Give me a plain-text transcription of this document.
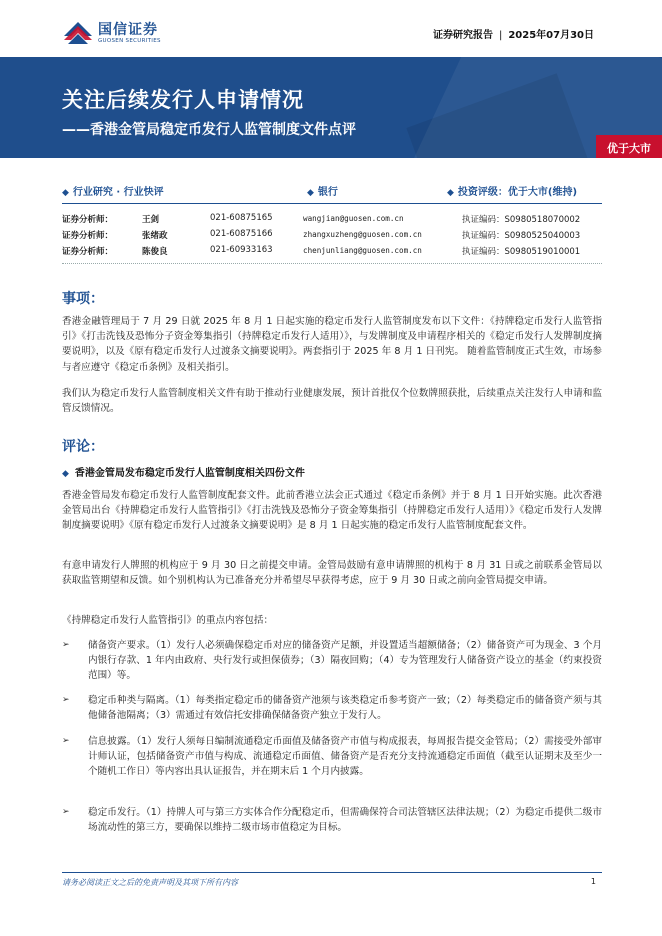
国信证券
GUOSEN SECURITIES	证券研究报告 | 2025年07月30日
关注后续发行人申请情况
——香港金管局稳定币发行人监管制度文件点评
优于大市
◆ 行业研究 · 行业快评	◆ 银行	◆ 投资评级：优于大市(维持)
证券分析师：	王剑	021-60875165	wangjian@guosen.com.cn	执证编码：S0980518070002
证券分析师：	张绪政	021-60875166	zhangxuzheng@guosen.com.cn	执证编码：S0980525040003
证券分析师：	陈俊良	021-60933163	chenjunliang@guosen.com.cn	执证编码：S0980519010001
事项：
香港金融管理局于 7 月 29 日就 2025 年 8 月 1 日起实施的稳定币发行人监管制度发布以下文件：《持牌稳定币发行人监管指引》《打击洗钱及恐怖分子资金筹集指引（持牌稳定币发行人适用）》，与发牌制度及申请程序相关的《稳定币发行人发牌制度摘要说明》，以及《原有稳定币发行人过渡条文摘要说明》。两套指引于 2025 年 8 月 1 日刊宪。 随着监管制度正式生效，市场参与者应遵守《稳定币条例》及相关指引。
我们认为稳定币发行人监管制度相关文件有助于推动行业健康发展，预计首批仅个位数牌照获批，后续重点关注发行人申请和监管反馈情况。
评论：
◆ 香港金管局发布稳定币发行人监管制度相关四份文件
香港金管局发布稳定币发行人监管制度配套文件。此前香港立法会正式通过《稳定币条例》并于 8 月 1 日开始实施。此次香港金管局出台《持牌稳定币发行人监管指引》《打击洗钱及恐怖分子资金筹集指引（持牌稳定币发行人适用）》《稳定币发行人发牌制度摘要说明》《原有稳定币发行人过渡条文摘要说明》是 8 月 1 日起实施的稳定币发行人监管制度配套文件。
有意申请发行人牌照的机构应于 9 月 30 日之前提交申请。金管局鼓励有意申请牌照的机构于 8 月 31 日或之前联系金管局以获取监管期望和反馈。如个别机构认为已准备充分并希望尽早获得考虑，应于 9 月 30 日或之前向金管局提交申请。
《持牌稳定币发行人监管指引》的重点内容包括：
➢	储备资产要求。（1）发行人必须确保稳定币对应的储备资产足额，并设置适当超额储备；（2）储备资产可为现金、3 个月内银行存款、1 年内由政府、央行发行或担保债券；（3）隔夜回购；（4）专为管理发行人储备资产设立的基金（约束投资范围）等。
➢	稳定币种类与隔离。（1）每类指定稳定币的储备资产池须与该类稳定币参考资产一致；（2）每类稳定币的储备资产须与其他储备池隔离；（3）需通过有效信托安排确保储备资产独立于发行人。
➢	信息披露。（1）发行人须每日编制流通稳定币面值及储备资产市值与构成报表，每周报告提交金管局；（2）需接受外部审计师认证，包括储备资产市值与构成、流通稳定币面值、储备资产是否充分支持流通稳定币面值（截至认证期末及至少一个随机工作日）等内容出具认证报告，并在期末后 1 个月内披露。
➢	稳定币发行。（1）持牌人可与第三方实体合作分配稳定币，但需确保符合司法管辖区法律法规；（2）为稳定币提供二级市场流动性的第三方，要确保以维持二级市场市值稳定为目标。
请务必阅读正文之后的免责声明及其项下所有内容	1
